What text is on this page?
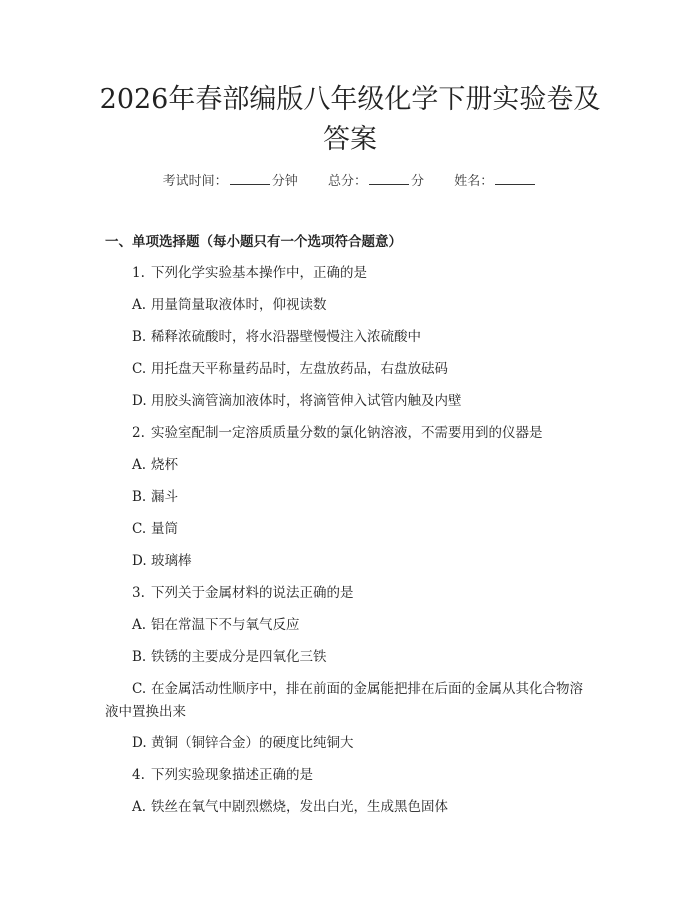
2026年春部编版八年级化学下册实验卷及答案
考试时间：	分钟 总分：	分 姓名：
一、单项选择题（每小题只有一个选项符合题意）
1. 下列化学实验基本操作中，正确的是
A. 用量筒量取液体时，仰视读数
B. 稀释浓硫酸时，将水沿器壁慢慢注入浓硫酸中
C. 用托盘天平称量药品时，左盘放药品，右盘放砝码
D. 用胶头滴管滴加液体时，将滴管伸入试管内触及内壁
2. 实验室配制一定溶质质量分数的氯化钠溶液，不需要用到的仪器是
A. 烧杯
B. 漏斗
C. 量筒
D. 玻璃棒
3. 下列关于金属材料的说法正确的是
A. 铝在常温下不与氧气反应
B. 铁锈的主要成分是四氧化三铁
C. 在金属活动性顺序中，排在前面的金属能把排在后面的金属从其化合物溶
液中置换出来
D. 黄铜（铜锌合金）的硬度比纯铜大
4. 下列实验现象描述正确的是
A. 铁丝在氧气中剧烈燃烧，发出白光，生成黑色固体
